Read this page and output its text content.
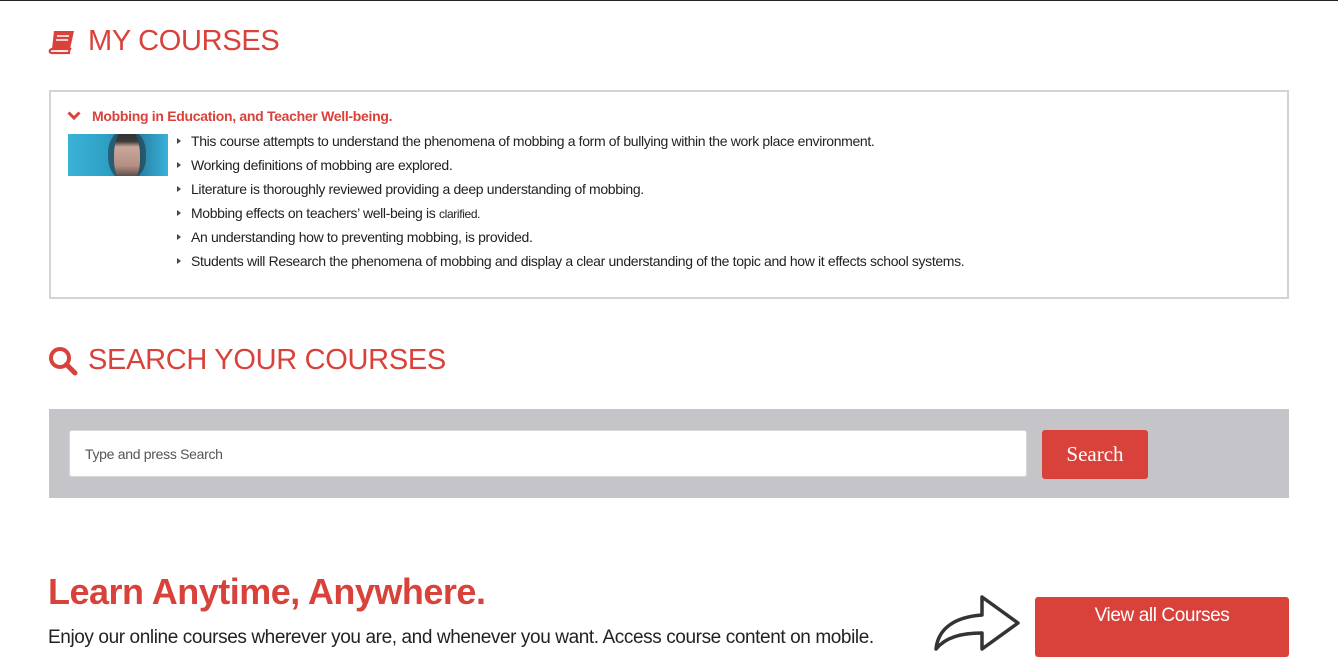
MY COURSES
Mobbing in Education, and Teacher Well-being.
This course attempts to understand the phenomena of mobbing a form of bullying within the work place environment.
Working definitions of mobbing are explored.
Literature is thoroughly reviewed providing a deep understanding of mobbing.
Mobbing effects on teachers’ well-being is clarified.
An understanding how to preventing mobbing, is provided.
Students will Research the phenomena of mobbing and display a clear understanding of the topic and how it effects school systems.
SEARCH YOUR COURSES
Type and press Search
Search
Learn Anytime, Anywhere.
Enjoy our online courses wherever you are, and whenever you want. Access course content on mobile.
View all Courses
